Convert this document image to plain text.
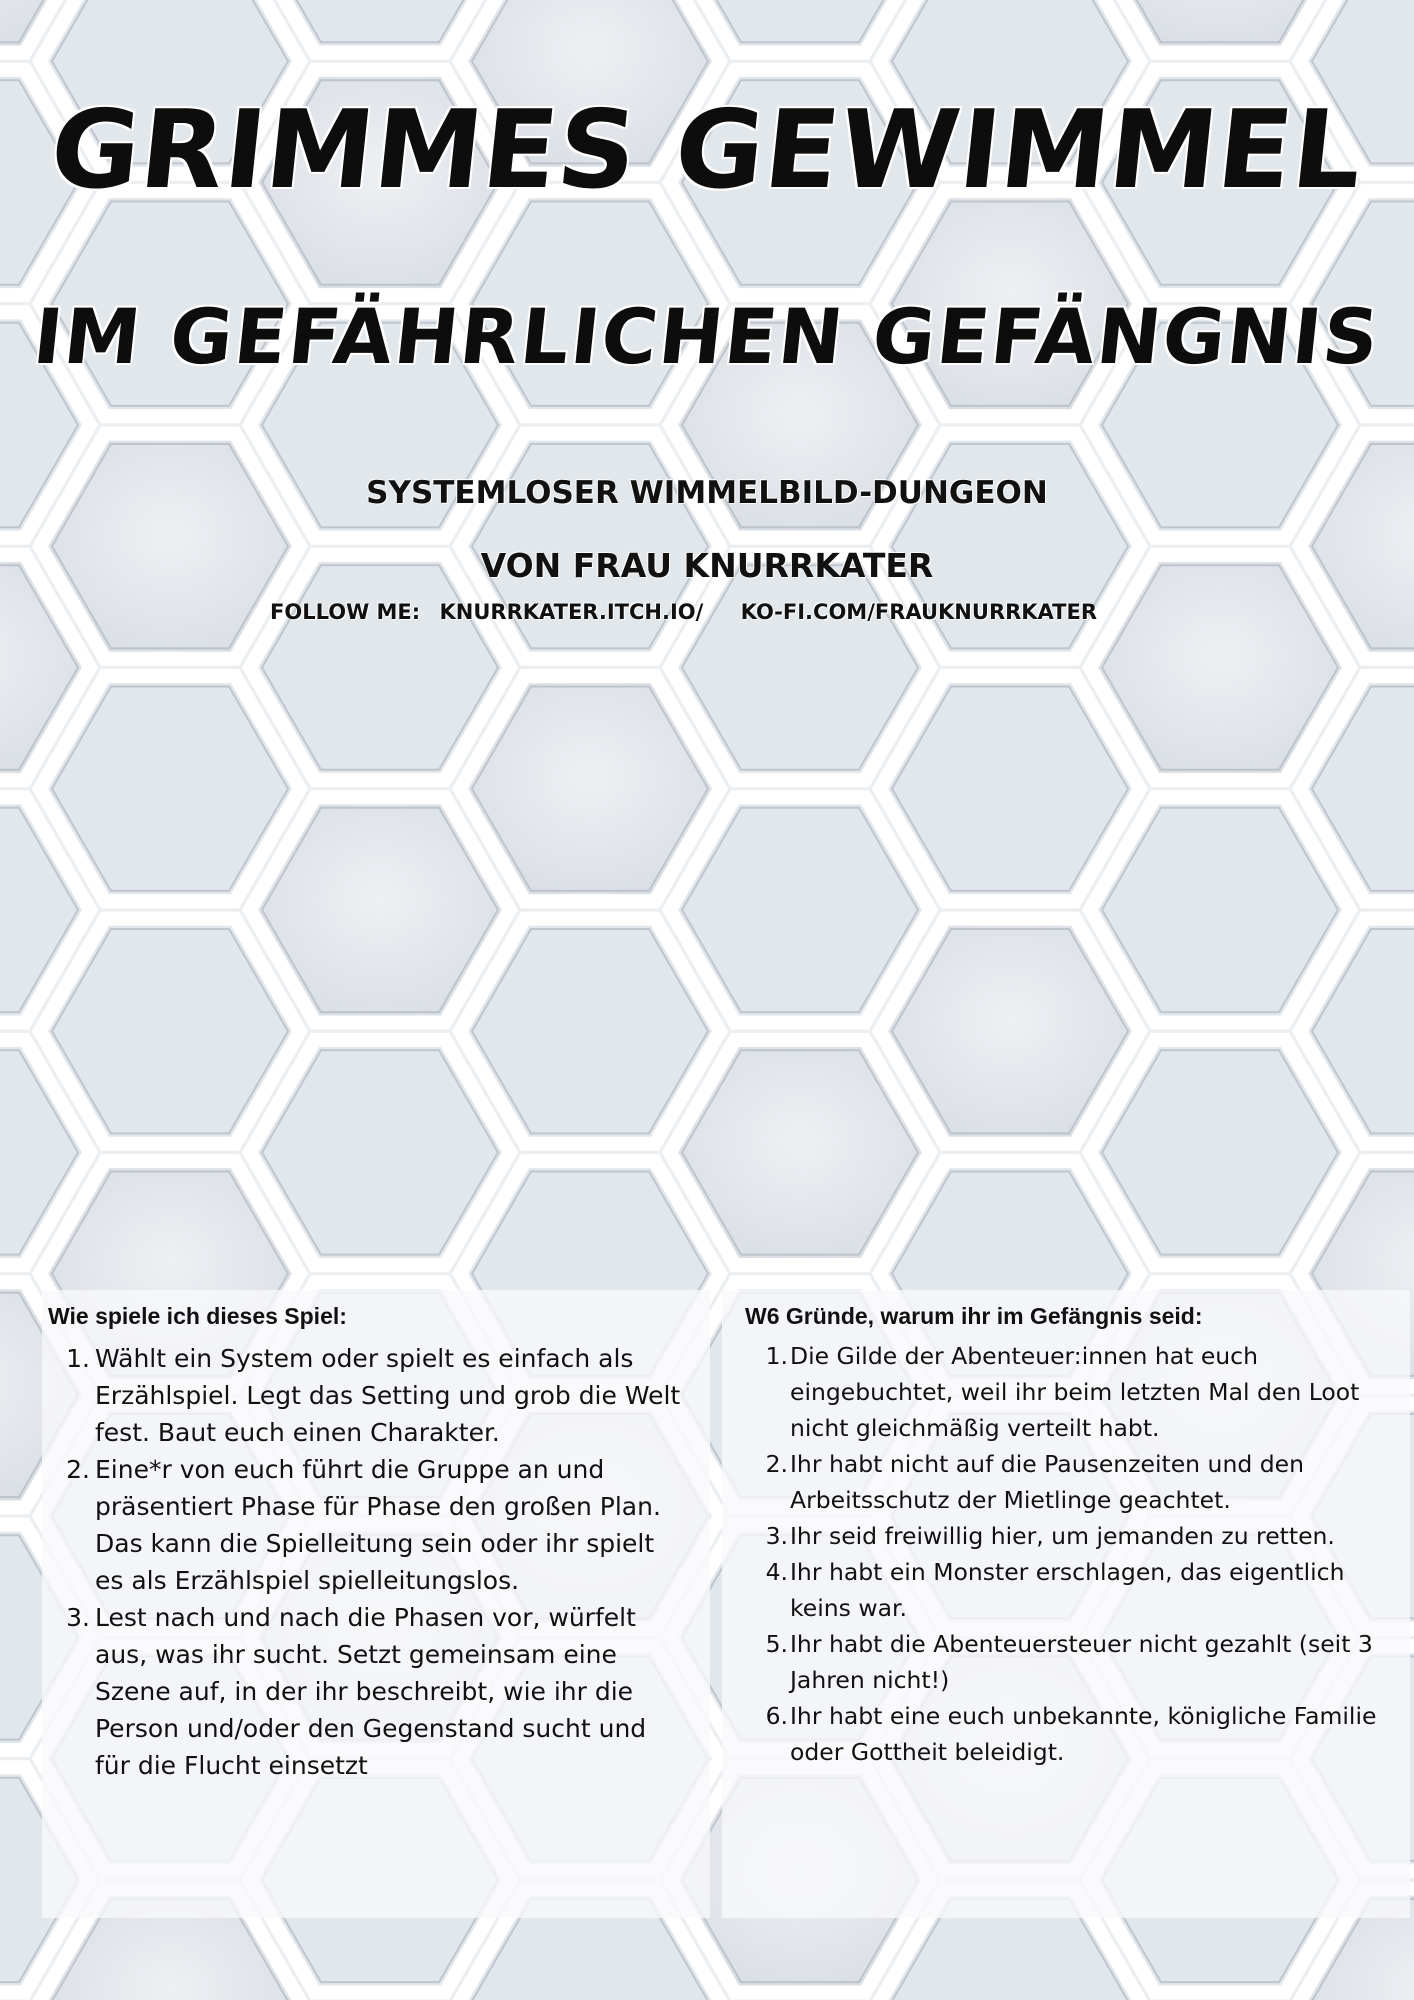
GRIMMES GEWIMMEL
IM GEFÄHRLICHEN GEFÄNGNIS
SYSTEMLOSER WIMMELBILD-DUNGEON
VON FRAU KNURRKATER
FOLLOW ME: KNURRKATER.ITCH.IO/ KO-FI.COM/FRAUKNURRKATER
Wie spiele ich dieses Spiel:
1. Wählt ein System oder spielt es einfach als Erzählspiel. Legt das Setting und grob die Welt fest. Baut euch einen Charakter.
2. Eine*r von euch führt die Gruppe an und präsentiert Phase für Phase den großen Plan. Das kann die Spielleitung sein oder ihr spielt es als Erzählspiel spielleitungslos.
3. Lest nach und nach die Phasen vor, würfelt aus, was ihr sucht. Setzt gemeinsam eine Szene auf, in der ihr beschreibt, wie ihr die Person und/oder den Gegenstand sucht und für die Flucht einsetzt
W6 Gründe, warum ihr im Gefängnis seid:
1. Die Gilde der Abenteuer:innen hat euch eingebuchtet, weil ihr beim letzten Mal den Loot nicht gleichmäßig verteilt habt.
2. Ihr habt nicht auf die Pausenzeiten und den Arbeitsschutz der Mietlinge geachtet.
3. Ihr seid freiwillig hier, um jemanden zu retten.
4. Ihr habt ein Monster erschlagen, das eigentlich keins war.
5. Ihr habt die Abenteuersteuer nicht gezahlt (seit 3 Jahren nicht!)
6. Ihr habt eine euch unbekannte, königliche Familie oder Gottheit beleidigt.
